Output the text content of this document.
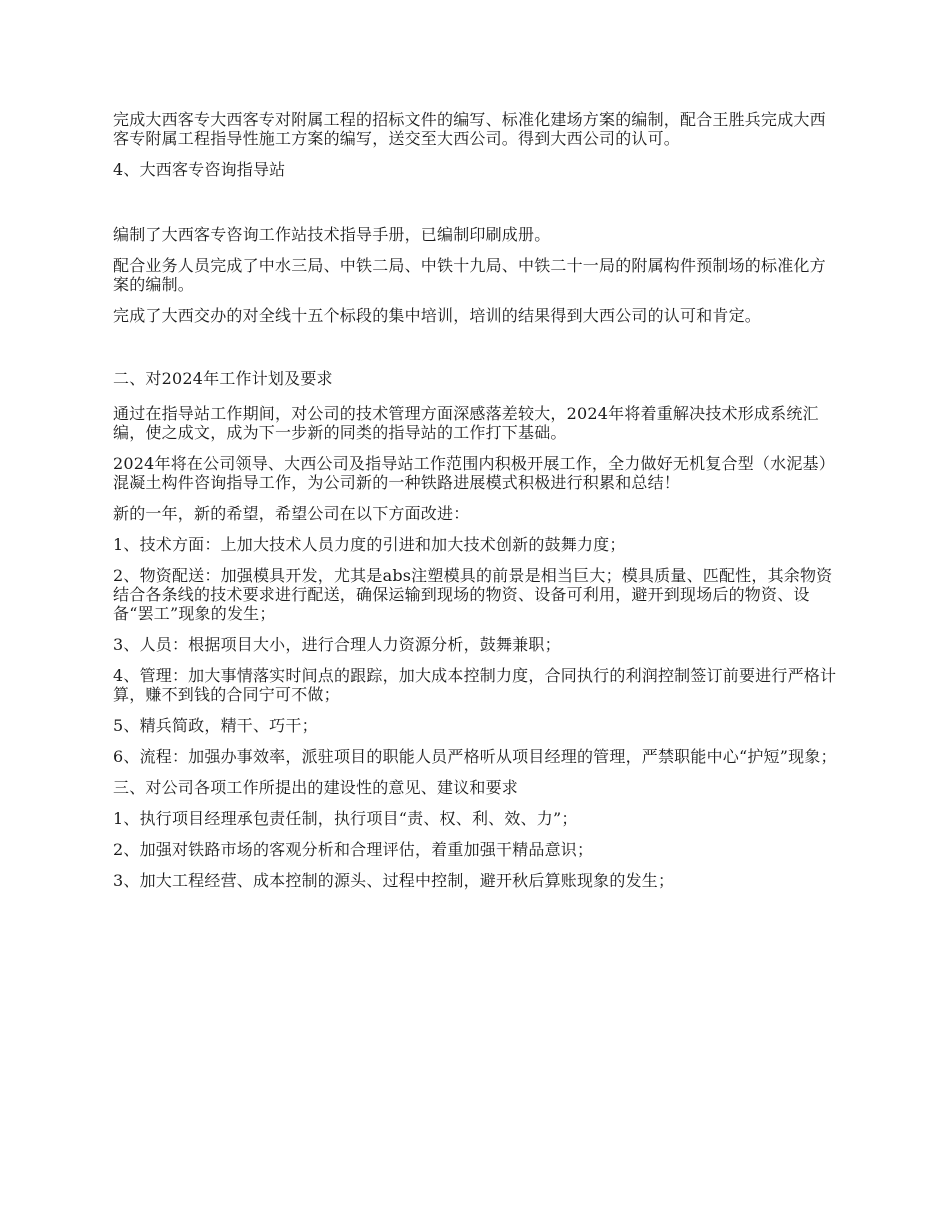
完成大西客专大西客专对附属工程的招标文件的编写、标准化建场方案的编制，配合王胜兵完成大西客专附属工程指导性施工方案的编写，送交至大西公司。得到大西公司的认可。

4、大西客专咨询指导站

编制了大西客专咨询工作站技术指导手册，已编制印刷成册。

配合业务人员完成了中水三局、中铁二局、中铁十九局、中铁二十一局的附属构件预制场的标准化方案的编制。

完成了大西交办的对全线十五个标段的集中培训，培训的结果得到大西公司的认可和肯定。

二、对2024年工作计划及要求

通过在指导站工作期间，对公司的技术管理方面深感落差较大，2024年将着重解决技术形成系统汇编，使之成文，成为下一步新的同类的指导站的工作打下基础。

2024年将在公司领导、大西公司及指导站工作范围内积极开展工作，全力做好无机复合型（水泥基）混凝土构件咨询指导工作，为公司新的一种铁路进展模式积极进行积累和总结！

新的一年，新的希望，希望公司在以下方面改进：

1、技术方面：上加大技术人员力度的引进和加大技术创新的鼓舞力度；

2、物资配送：加强模具开发，尤其是abs注塑模具的前景是相当巨大；模具质量、匹配性，其余物资结合各条线的技术要求进行配送，确保运输到现场的物资、设备可利用，避开到现场后的物资、设备“罢工”现象的发生；

3、人员：根据项目大小，进行合理人力资源分析，鼓舞兼职；

4、管理：加大事情落实时间点的跟踪，加大成本控制力度，合同执行的利润控制签订前要进行严格计算，赚不到钱的合同宁可不做；

5、精兵简政，精干、巧干；

6、流程：加强办事效率，派驻项目的职能人员严格听从项目经理的管理，严禁职能中心“护短”现象；

三、对公司各项工作所提出的建设性的意见、建议和要求

1、执行项目经理承包责任制，执行项目“责、权、利、效、力”；

2、加强对铁路市场的客观分析和合理评估，着重加强干精品意识；

3、加大工程经营、成本控制的源头、过程中控制，避开秋后算账现象的发生；
